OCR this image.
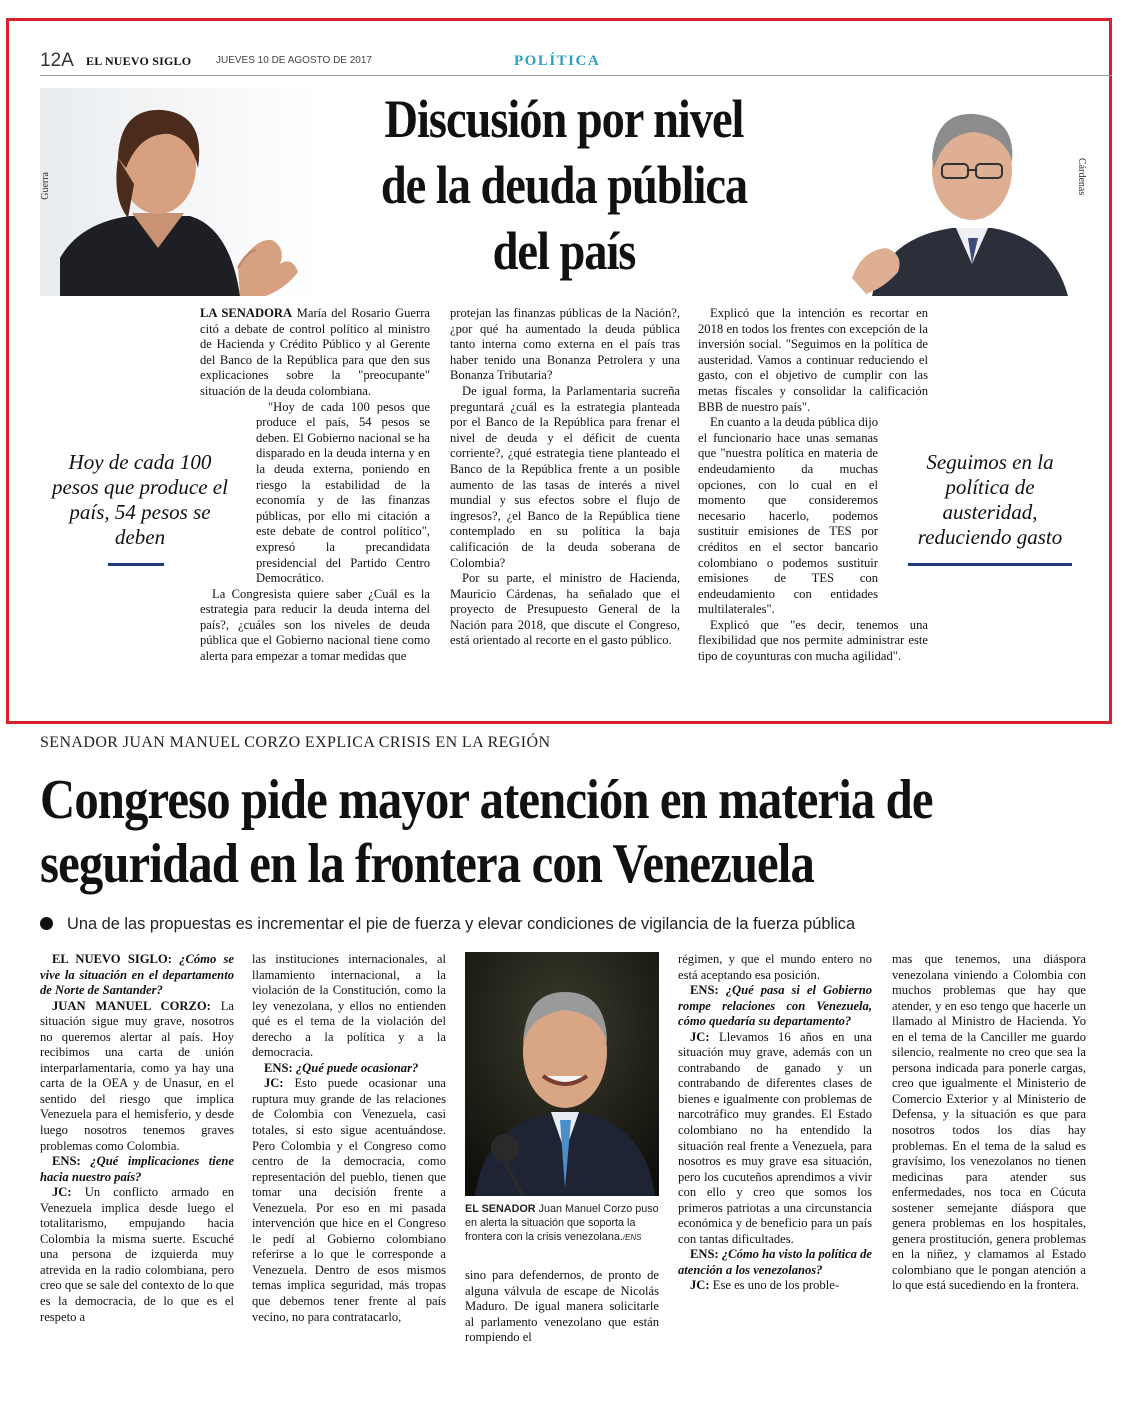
12A EL NUEVO SIGLO JUEVES 10 DE AGOSTO DE 2017	POLÍTICA
Discusión por nivel de la deuda pública del país
Guerra	Cárdenas
Hoy de cada 100 pesos que produce el país, 54 pesos se deben
Seguimos en la política de austeridad, reduciendo gasto

LA SENADORA María del Rosario Guerra citó a debate de control político al ministro de Hacienda y Crédito Público y al Gerente del Banco de la República para que den sus explicaciones sobre la "preocupante" situación de la deuda colombiana.

"Hoy de cada 100 pesos que produce el país, 54 pesos se deben. El Gobierno nacional se ha disparado en la deuda interna y en la deuda externa, poniendo en riesgo la estabilidad de la economía y de las finanzas públicas, por ello mi citación a este debate de control político", expresó la precandidata presidencial del Partido Centro Democrático.

La Congresista quiere saber ¿Cuál es la estrategia para reducir la deuda interna del país?, ¿cuáles son los niveles de deuda pública que el Gobierno nacional tiene como alerta para empezar a tomar medidas que

protejan las finanzas públicas de la Nación?, ¿por qué ha aumentado la deuda pública tanto interna como externa en el país tras haber tenido una Bonanza Petrolera y una Bonanza Tributaria?

De igual forma, la Parlamentaria sucreña preguntará ¿cuál es la estrategia planteada por el Banco de la República para frenar el nivel de deuda y el déficit de cuenta corriente?, ¿qué estrategia tiene planteado el Banco de la República frente a un posible aumento de las tasas de interés a nivel mundial y sus efectos sobre el flujo de ingresos?, ¿el Banco de la República tiene contemplado en su política la baja calificación de la deuda soberana de Colombia?

Por su parte, el ministro de Hacienda, Mauricio Cárdenas, ha señalado que el proyecto de Presupuesto General de la Nación para 2018, que discute el Congreso, está orientado al recorte en el gasto público.

Explicó que la intención es recortar en 2018 en todos los frentes con excepción de la inversión social. "Seguimos en la política de austeridad. Vamos a continuar reduciendo el gasto, con el objetivo de cumplir con las metas fiscales y consolidar la calificación BBB de nuestro país".

En cuanto a la deuda pública dijo el funcionario hace unas semanas que "nuestra política en materia de endeudamiento da muchas opciones, con lo cual en el momento que consideremos necesario hacerlo, podemos sustituir emisiones de TES por créditos en el sector bancario colombiano o podemos sustituir emisiones de TES con endeudamiento con entidades multilaterales".

Explicó que "es decir, tenemos una flexibilidad que nos permite administrar este tipo de coyunturas con mucha agilidad".

SENADOR JUAN MANUEL CORZO EXPLICA CRISIS EN LA REGIÓN
Congreso pide mayor atención en materia de seguridad en la frontera con Venezuela
Una de las propuestas es incrementar el pie de fuerza y elevar condiciones de vigilancia de la fuerza pública

EL NUEVO SIGLO: ¿Cómo se vive la situación en el departamento de Norte de Santander?

JUAN MANUEL CORZO: La situación sigue muy grave, nosotros no queremos alertar al país. Hoy recibimos una carta de unión interparlamentaria, como ya hay una carta de la OEA y de Unasur, en el sentido del riesgo que implica Venezuela para el hemisferio, y desde luego nosotros tenemos graves problemas como Colombia.

ENS: ¿Qué implicaciones tiene hacia nuestro país?

JC: Un conflicto armado en Venezuela implica desde luego el totalitarismo, empujando hacia Colombia la misma suerte. Escuché una persona de izquierda muy atrevida en la radio colombiana, pero creo que se sale del contexto de lo que es la democracia, de lo que es el respeto a

las instituciones internacionales, al llamamiento internacional, a la violación de la Constitución, como la ley venezolana, y ellos no entienden qué es el tema de la violación del derecho a la política y a la democracia.

ENS: ¿Qué puede ocasionar?

JC: Esto puede ocasionar una ruptura muy grande de las relaciones de Colombia con Venezuela, casi totales, si esto sigue acentuándose. Pero Colombia y el Congreso como centro de la democracia, como representación del pueblo, tienen que tomar una decisión frente a Venezuela. Por eso en mi pasada intervención que hice en el Congreso le pedí al Gobierno colombiano referirse a lo que le corresponde a Venezuela. Dentro de esos mismos temas implica seguridad, más tropas que debemos tener frente al país vecino, no para contratacarlo,

EL SENADOR Juan Manuel Corzo puso en alerta la situación que soporta la frontera con la crisis venezolana./ENS

sino para defendernos, de pronto de alguna válvula de escape de Nicolás Maduro. De igual manera solicitarle al parlamento venezolano que están rompiendo el

régimen, y que el mundo entero no está aceptando esa posición.

ENS: ¿Qué pasa si el Gobierno rompe relaciones con Venezuela, cómo quedaría su departamento?

JC: Llevamos 16 años en una situación muy grave, además con un contrabando de ganado y un contrabando de diferentes clases de bienes e igualmente con problemas de narcotráfico muy grandes. El Estado colombiano no ha entendido la situación real frente a Venezuela, para nosotros es muy grave esa situación, pero los cucuteños aprendimos a vivir con ello y creo que somos los primeros patriotas a una circunstancia económica y de beneficio para un país con tantas dificultades.

ENS: ¿Cómo ha visto la política de atención a los venezolanos?

JC: Ese es uno de los proble-

mas que tenemos, una diáspora venezolana viniendo a Colombia con muchos problemas que hay que atender, y en eso tengo que hacerle un llamado al Ministro de Hacienda. Yo en el tema de la Canciller me guardo silencio, realmente no creo que sea la persona indicada para ponerle cargas, creo que igualmente el Ministerio de Comercio Exterior y al Ministerio de Defensa, y la situación es que para nosotros todos los días hay problemas. En el tema de la salud es gravísimo, los venezolanos no tienen medicinas para atender sus enfermedades, nos toca en Cúcuta sostener semejante diáspora que genera problemas en los hospitales, genera prostitución, genera problemas en la niñez, y clamamos al Estado colombiano que le pongan atención a lo que está sucediendo en la frontera.
